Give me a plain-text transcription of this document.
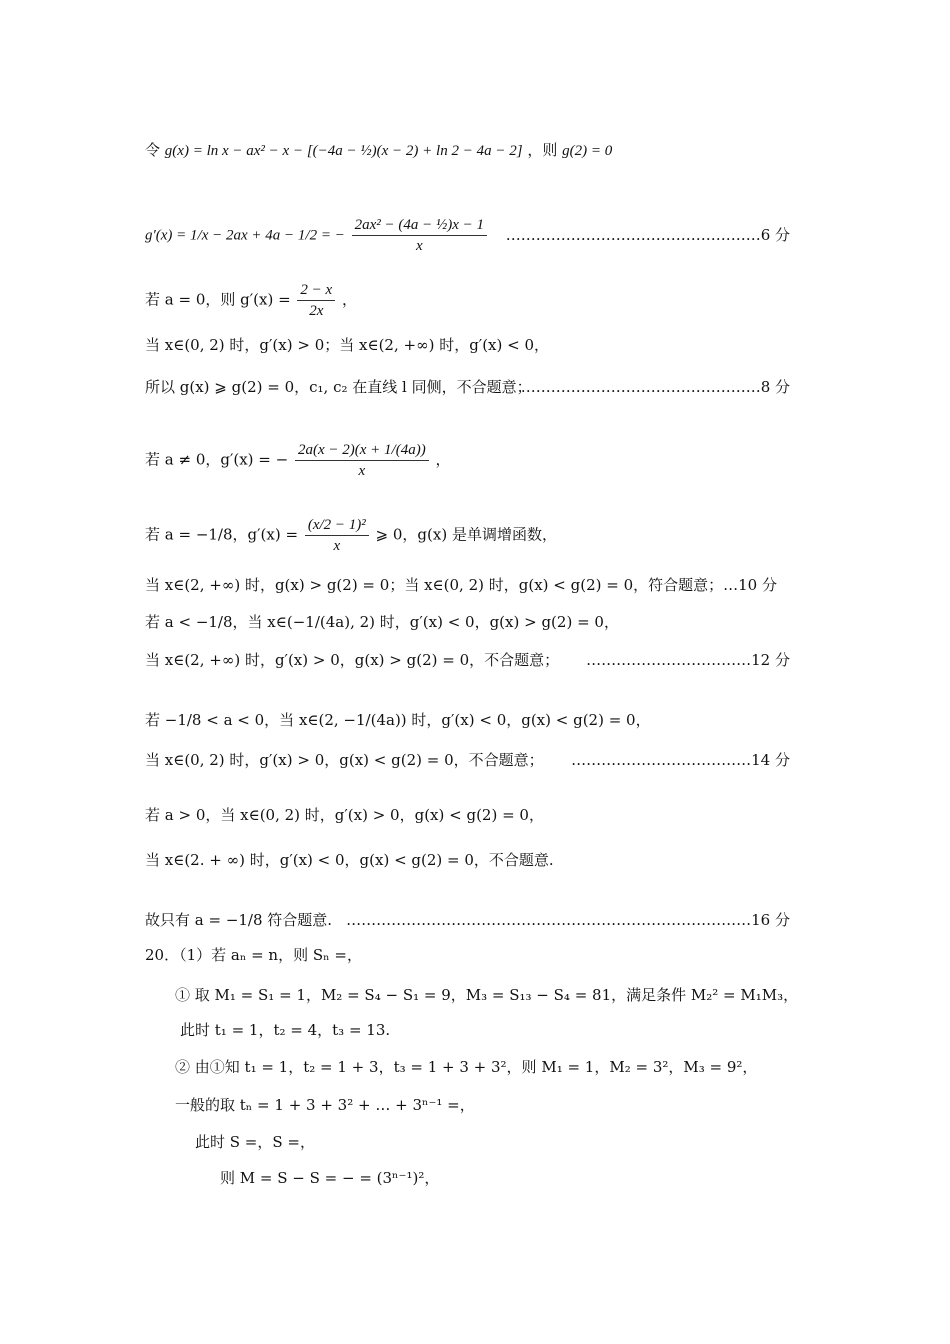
令 g(x) = ln x − ax² − x − [(−4a − ½)(x − 2) + ln 2 − 4a − 2] ，则 g(2) = 0
g′(x) = 1/x − 2ax + 4a − 1/2 = − $\frac{\text{2ax² − (4a − ½)x − 1}}{x}$ ……………………………………………6 分
若 a = 0，则 $g'(x) = \frac{2 - x}{2x}$ ，
当 x∈(0, 2) 时，g′(x) > 0；当 x∈(2, +∞) 时，g′(x) < 0，
所以 g(x) ⩾ g(2) = 0，c₁, c₂ 在直线 l 同侧，不合题意；
…………………………………………8 分
若 a ≠ 0，g′(x) = − $\frac{2a(x - 2)(x + 1/(4a))}{x}$ ，
若 a = −1/8，$g'(x) = \frac{\text{(x/2 − 1)²}}{x}$ ⩾ 0，g(x) 是单调增函数，
当 x∈(2, +∞) 时，g(x) > g(2) = 0；当 x∈(0, 2) 时，g(x) < g(2) = 0，符合题意；…10 分
若 a < −1/8，当 x∈(−1/(4a), 2) 时，g′(x) < 0，g(x) > g(2) = 0，
当 x∈(2, +∞) 时，g′(x) > 0，g(x) > g(2) = 0，不合题意； ……………………………12 分
若 −1/8 < a < 0，当 x∈(2, −1/(4a)) 时，g′(x) < 0，g(x) < g(2) = 0，
当 x∈(0, 2) 时，g′(x) > 0，g(x) < g(2) = 0，不合题意； ………………………………14 分
若 a > 0，当 x∈(0, 2) 时，g′(x) > 0，g(x) < g(2) = 0，
当 x∈(2. + ∞) 时，g′(x) < 0，g(x) < g(2) = 0，不合题意.
故只有 a = −1/8 符合题意. ………………………………………………………………………16 分
20．（1）若 aₙ = n，则 Sₙ =，
① 取 M₁ = S₁ = 1，M₂ = S₄ − S₁ = 9，M₃ = S₁₃ − S₄ = 81，满足条件 M₂² = M₁M₃，
此时 t₁ = 1，t₂ = 4，t₃ = 13.
② 由①知 t₁ = 1，t₂ = 1 + 3，t₃ = 1 + 3 + 3²，则 M₁ = 1，M₂ = 3²，M₃ = 9²，
一般的取 tₙ = 1 + 3 + 3² + … + 3ⁿ⁻¹ =，
此时 S =，S =，
则 M = S − S = − = (3ⁿ⁻¹)²，
